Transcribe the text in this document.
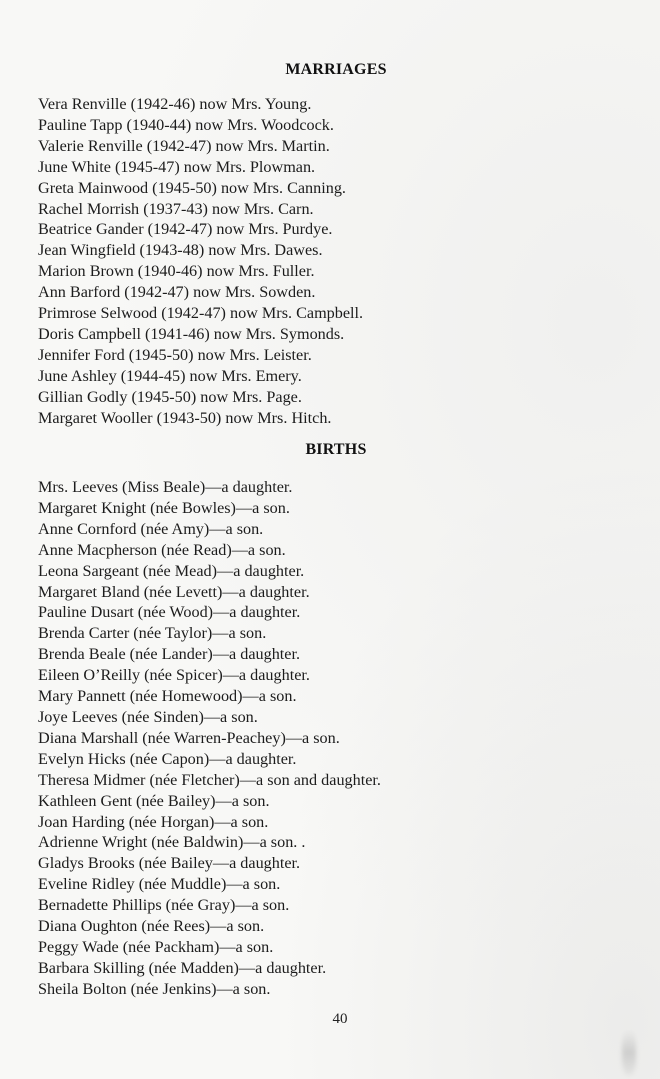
MARRIAGES
Vera Renville (1942-46) now Mrs. Young.
Pauline Tapp (1940-44) now Mrs. Woodcock.
Valerie Renville (1942-47) now Mrs. Martin.
June White (1945-47) now Mrs. Plowman.
Greta Mainwood (1945-50) now Mrs. Canning.
Rachel Morrish (1937-43) now Mrs. Carn.
Beatrice Gander (1942-47) now Mrs. Purdye.
Jean Wingfield (1943-48) now Mrs. Dawes.
Marion Brown (1940-46) now Mrs. Fuller.
Ann Barford (1942-47) now Mrs. Sowden.
Primrose Selwood (1942-47) now Mrs. Campbell.
Doris Campbell (1941-46) now Mrs. Symonds.
Jennifer Ford (1945-50) now Mrs. Leister.
June Ashley (1944-45) now Mrs. Emery.
Gillian Godly (1945-50) now Mrs. Page.
Margaret Wooller (1943-50) now Mrs. Hitch.
BIRTHS
Mrs. Leeves (Miss Beale)—a daughter.
Margaret Knight (née Bowles)—a son.
Anne Cornford (née Amy)—a son.
Anne Macpherson (née Read)—a son.
Leona Sargeant (née Mead)—a daughter.
Margaret Bland (née Levett)—a daughter.
Pauline Dusart (née Wood)—a daughter.
Brenda Carter (née Taylor)—a son.
Brenda Beale (née Lander)—a daughter.
Eileen O’Reilly (née Spicer)—a daughter.
Mary Pannett (née Homewood)—a son.
Joye Leeves (née Sinden)—a son.
Diana Marshall (née Warren-Peachey)—a son.
Evelyn Hicks (née Capon)—a daughter.
Theresa Midmer (née Fletcher)—a son and daughter.
Kathleen Gent (née Bailey)—a son.
Joan Harding (née Horgan)—a son.
Adrienne Wright (née Baldwin)—a son. .
Gladys Brooks (née Bailey—a daughter.
Eveline Ridley (née Muddle)—a son.
Bernadette Phillips (née Gray)—a son.
Diana Oughton (née Rees)—a son.
Peggy Wade (née Packham)—a son.
Barbara Skilling (née Madden)—a daughter.
Sheila Bolton (née Jenkins)—a son.
40
